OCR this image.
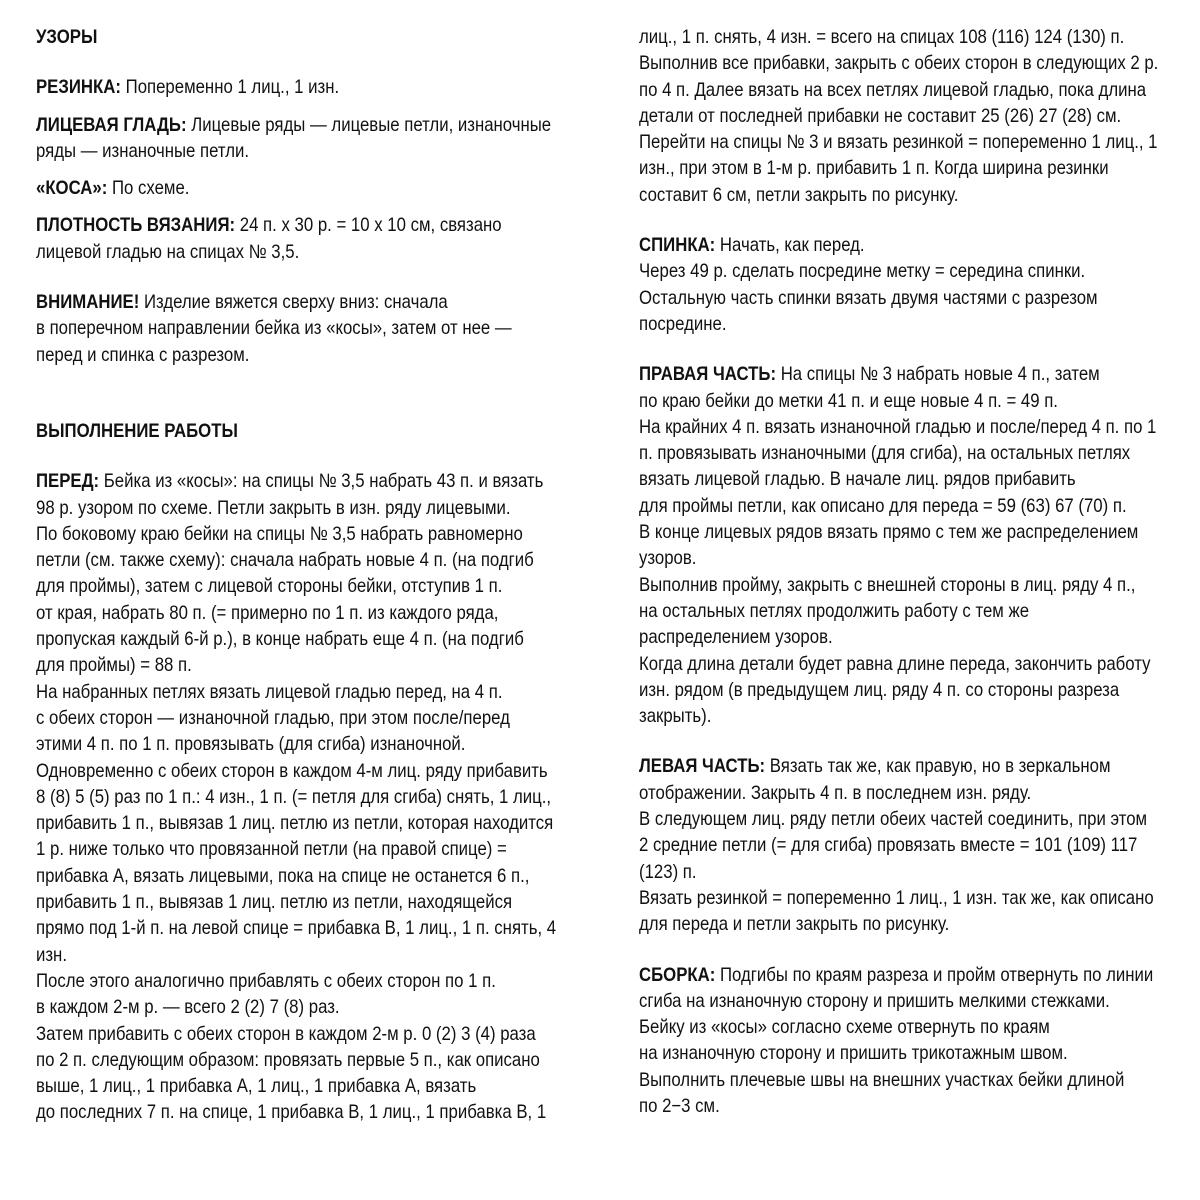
УЗОРЫ

РЕЗИНКА: Попеременно 1 лиц., 1 изн.

ЛИЦЕВАЯ ГЛАДЬ: Лицевые ряды — лицевые петли, изнаночные

ряды — изнаночные петли.

«КОСА»: По схеме.

ПЛОТНОСТЬ ВЯЗАНИЯ: 24 п. х 30 р. = 10 х 10 см, связано

лицевой гладью на спицах № 3,5.

ВНИМАНИЕ! Изделие вяжется сверху вниз: сначала

в поперечном направлении бейка из «косы», затем от нее —

перед и спинка с разрезом.

ВЫПОЛНЕНИЕ РАБОТЫ

ПЕРЕД: Бейка из «косы»: на спицы № 3,5 набрать 43 п. и вязать

98 р. узором по схеме. Петли закрыть в изн. ряду лицевыми.

По боковому краю бейки на спицы № 3,5 набрать равномерно

петли (см. также схему): сначала набрать новые 4 п. (на подгиб

для проймы), затем с лицевой стороны бейки, отступив 1 п.

от края, набрать 80 п. (= примерно по 1 п. из каждого ряда,

пропуская каждый 6-й р.), в конце набрать еще 4 п. (на подгиб

для проймы) = 88 п.

На набранных петлях вязать лицевой гладью перед, на 4 п.

с обеих сторон — изнаночной гладью, при этом после/перед

этими 4 п. по 1 п. провязывать (для сгиба) изнаночной.

Одновременно с обеих сторон в каждом 4-м лиц. ряду прибавить

8 (8) 5 (5) раз по 1 п.: 4 изн., 1 п. (= петля для сгиба) снять, 1 лиц.,

прибавить 1 п., вывязав 1 лиц. петлю из петли, которая находится

1 р. ниже только что провязанной петли (на правой спице) =

прибавка А, вязать лицевыми, пока на спице не останется 6 п.,

прибавить 1 п., вывязав 1 лиц. петлю из петли, находящейся

прямо под 1-й п. на левой спице = прибавка В, 1 лиц., 1 п. снять, 4

изн.

После этого аналогично прибавлять с обеих сторон по 1 п.

в каждом 2-м р. — всего 2 (2) 7 (8) раз.

Затем прибавить с обеих сторон в каждом 2-м р. 0 (2) 3 (4) раза

по 2 п. следующим образом: провязать первые 5 п., как описано

выше, 1 лиц., 1 прибавка А, 1 лиц., 1 прибавка А, вязать

до последних 7 п. на спице, 1 прибавка В, 1 лиц., 1 прибавка В, 1

лиц., 1 п. снять, 4 изн. = всего на спицах 108 (116) 124 (130) п.

Выполнив все прибавки, закрыть с обеих сторон в следующих 2 р.

по 4 п. Далее вязать на всех петлях лицевой гладью, пока длина

детали от последней прибавки не составит 25 (26) 27 (28) см.

Перейти на спицы № 3 и вязать резинкой = попеременно 1 лиц., 1

изн., при этом в 1-м р. прибавить 1 п. Когда ширина резинки

составит 6 см, петли закрыть по рисунку.

СПИНКА: Начать, как перед.

Через 49 р. сделать посредине метку = середина спинки.

Остальную часть спинки вязать двумя частями с разрезом

посредине.

ПРАВАЯ ЧАСТЬ: На спицы № 3 набрать новые 4 п., затем

по краю бейки до метки 41 п. и еще новые 4 п. = 49 п.

На крайних 4 п. вязать изнаночной гладью и после/перед 4 п. по 1

п. провязывать изнаночными (для сгиба), на остальных петлях

вязать лицевой гладью. В начале лиц. рядов прибавить

для проймы петли, как описано для переда = 59 (63) 67 (70) п.

В конце лицевых рядов вязать прямо с тем же распределением

узоров.

Выполнив пройму, закрыть с внешней стороны в лиц. ряду 4 п.,

на остальных петлях продолжить работу с тем же

распределением узоров.

Когда длина детали будет равна длине переда, закончить работу

изн. рядом (в предыдущем лиц. ряду 4 п. со стороны разреза

закрыть).

ЛЕВАЯ ЧАСТЬ: Вязать так же, как правую, но в зеркальном

отображении. Закрыть 4 п. в последнем изн. ряду.

В следующем лиц. ряду петли обеих частей соединить, при этом

2 средние петли (= для сгиба) провязать вместе = 101 (109) 117

(123) п.

Вязать резинкой = попеременно 1 лиц., 1 изн. так же, как описано

для переда и петли закрыть по рисунку.

СБОРКА: Подгибы по краям разреза и пройм отвернуть по линии

сгиба на изнаночную сторону и пришить мелкими стежками.

Бейку из «косы» согласно схеме отвернуть по краям

на изнаночную сторону и пришить трикотажным швом.

Выполнить плечевые швы на внешних участках бейки длиной

по 2−3 см.
